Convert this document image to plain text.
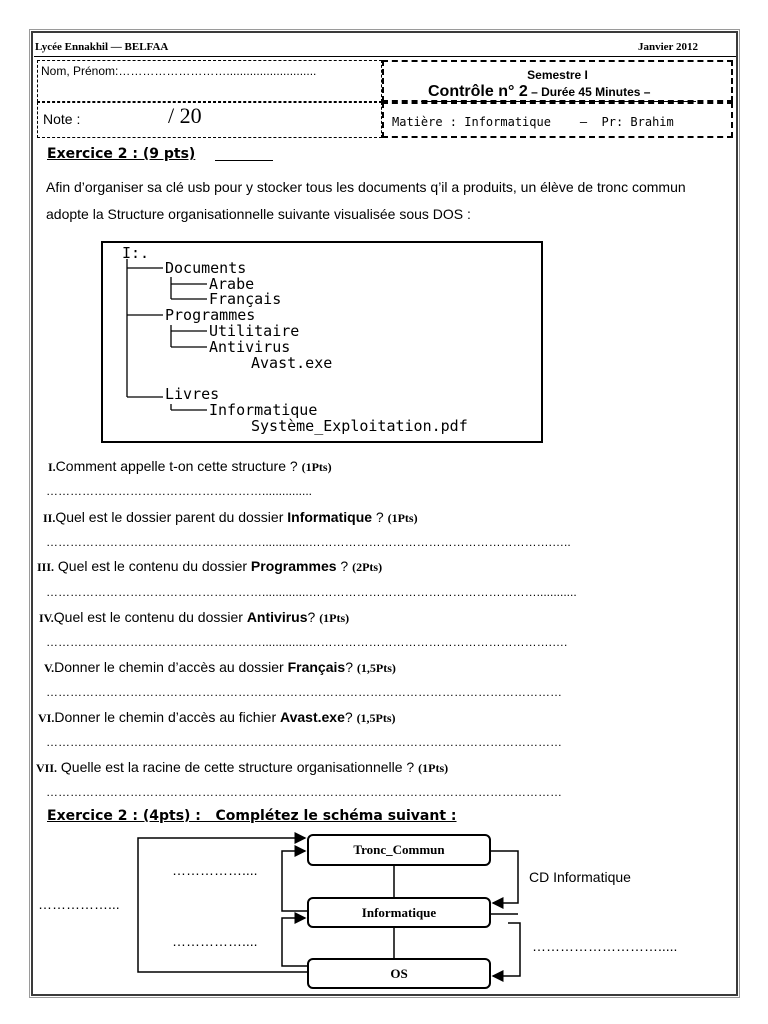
Lycée Ennakhil — BELFAA	Janvier 2012
Nom, Prénom:………………………...........................
Note :	/ 20
Semestre I
Contrôle n° 2 – Durée 45 Minutes –
Matière : Informatique    —  Pr: Brahim
Exercice 2 : (9 pts)
Afin d’organiser sa clé usb pour y stocker tous les documents q’il a produits, un élève de tronc commun adopte la Structure organisationnelle suivante visualisée sous DOS :
I:.
Documents
Arabe
Français
Programmes
Utilitaire
Antivirus
Avast.exe
Livres
Informatique
Système_Exploitation.pdf
I.Comment appelle t-on cette structure ? (1Pts)
………………………………………………...............
II.Quel est le dossier parent du dossier Informatique ? (1Pts)
………………………………………………..............…………………………………………………….…..
III. Quel est le contenu du dossier Programmes ? (2Pts)
………………………………………………..............…………………………………………………............
IV.Quel est le contenu du dossier Antivirus? (1Pts)
………………………………………………..............…………………………………………………….….
V.Donner le chemin d’accès au dossier Français? (1,5Pts)
…………………………………………………………………………………………………………………
VI.Donner le chemin d’accès au fichier Avast.exe? (1,5Pts)
…………………………………………………………………………………………………………………
VII. Quelle est la racine de cette structure organisationnelle ? (1Pts)
…………………………………………………………………………………………………………………
Exercice 2 : (4pts) :   Complétez le schéma suivant :
Tronc_Commun
Informatique
OS
……………....
……………...
……………....
CD Informatique
……………………….....
